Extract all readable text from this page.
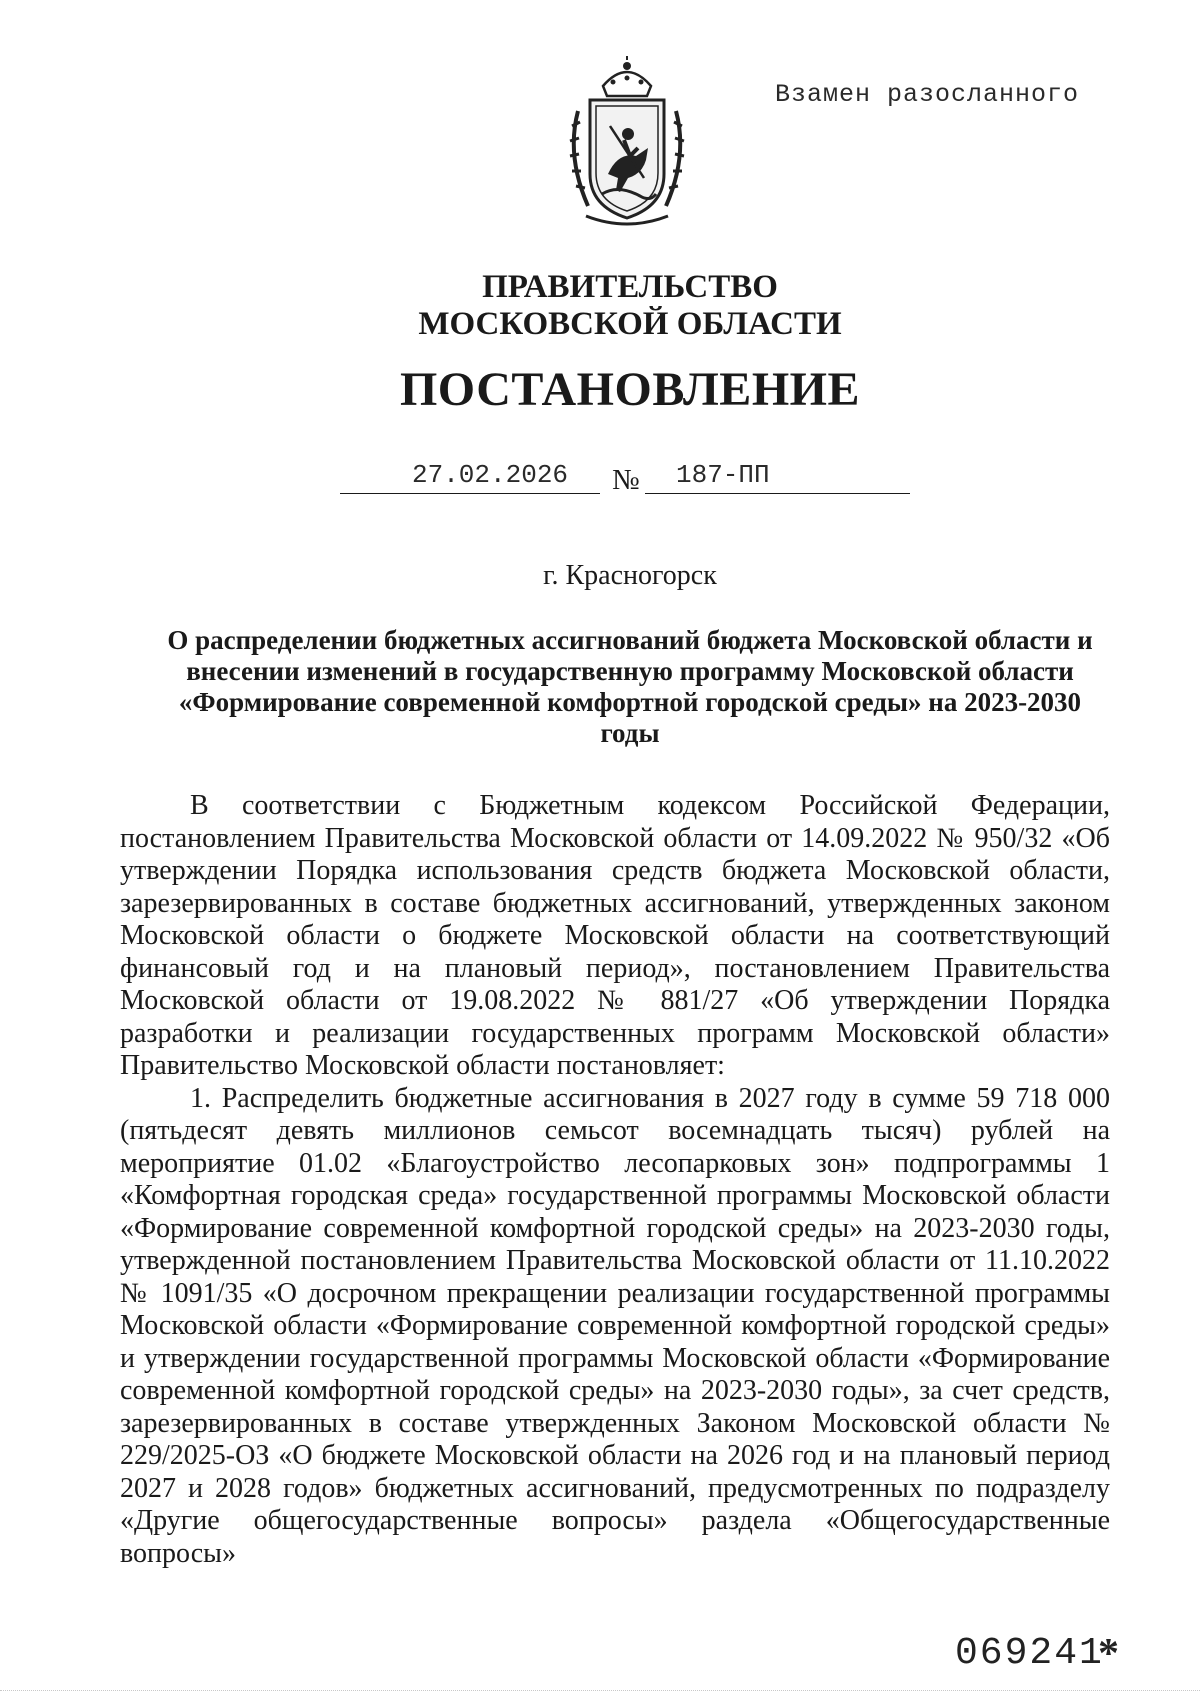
Взамен разосланного
ПРАВИТЕЛЬСТВО
МОСКОВСКОЙ ОБЛАСТИ
ПОСТАНОВЛЕНИЕ
27.02.2026 № 187-ПП
г. Красногорск
О распределении бюджетных ассигнований бюджета Московской области и внесении изменений в государственную программу Московской области «Формирование современной комфортной городской среды» на 2023-2030 годы

В соответствии с Бюджетным кодексом Российской Федерации, постановлением Правительства Московской области от 14.09.2022 № 950/32 «Об утверждении Порядка использования средств бюджета Московской области, зарезервированных в составе бюджетных ассигнований, утвержденных законом Московской области о бюджете Московской области на соответствующий финансовый год и на плановый период», постановлением Правительства Московской области от 19.08.2022 № 881/27 «Об утверждении Порядка разработки и реализации государственных программ Московской области» Правительство Московской области постановляет:

1. Распределить бюджетные ассигнования в 2027 году в сумме 59 718 000 (пятьдесят девять миллионов семьсот восемнадцать тысяч) рублей на мероприятие 01.02 «Благоустройство лесопарковых зон» подпрограммы 1 «Комфортная городская среда» государственной программы Московской области «Формирование современной комфортной городской среды» на 2023-2030 годы, утвержденной постановлением Правительства Московской области от 11.10.2022 № 1091/35 «О досрочном прекращении реализации государственной программы Московской области «Формирование современной комфортной городской среды» и утверждении государственной программы Московской области «Формирование современной комфортной городской среды» на 2023-2030 годы», за счет средств, зарезервированных в составе утвержденных Законом Московской области № 229/2025-ОЗ «О бюджете Московской области на 2026 год и на плановый период 2027 и 2028 годов» бюджетных ассигнований, предусмотренных по подразделу «Другие общегосударственные вопросы» раздела «Общегосударственные вопросы»

069241
*
